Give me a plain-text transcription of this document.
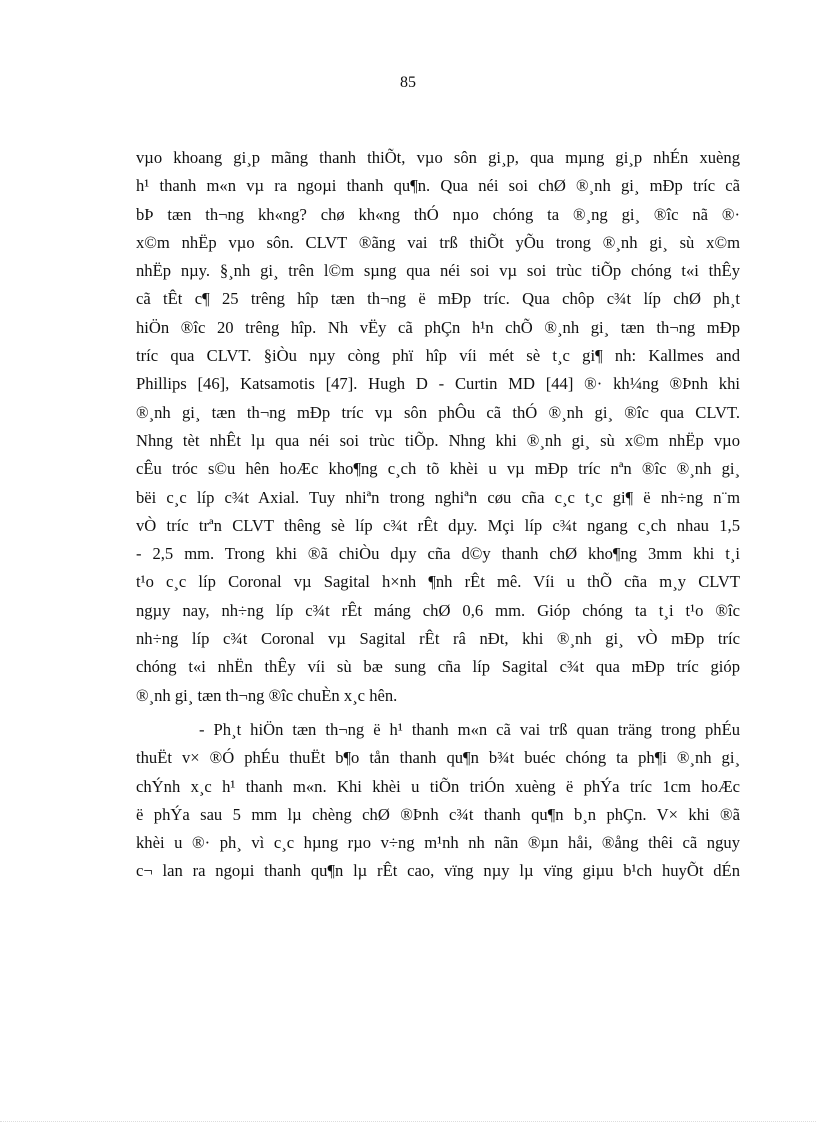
85
vµo khoang gi¸p mãng thanh thiÕt, vµo sôn gi¸p, qua mµng gi¸p nhÉn xuèng
h¹ thanh m«n vµ ra ngoµi thanh qu¶n. Qua néi soi chØ ®¸nh gi¸ mÐp tríc cã
bÞ tæn th¬ng kh«ng? chø kh«ng thÓ nµo chóng ta ®¸ng gi¸ ®îc nã ®·
x©m nhËp vµo sôn. CLVT ®ãng vai trß thiÕt yÕu trong ®¸nh gi¸ sù x©m
nhËp nµy. §¸nh gi¸ trên l©m sµng qua néi soi vµ soi trùc tiÕp chóng t«i thÊy
cã tÊt c¶ 25 trêng hîp tæn th¬ng ë mÐp tríc. Qua chôp c¾t líp chØ ph¸t
hiÖn ®îc 20 trêng hîp. Nh vËy cã phÇn h¹n chÕ ®¸nh gi¸ tæn th¬ng mÐp
tríc qua CLVT. §iÒu nµy còng phï hîp víi mét sè t¸c gi¶ nh: Kallmes and
Phillips [46], Katsamotis [47]. Hugh D - Curtin MD [44] ®· kh¼ng ®Þnh khi
®¸nh gi¸ tæn th¬ng mÐp tríc vµ sôn phÔu cã thÓ ®¸nh gi¸ ®îc qua CLVT.
Nhng tèt nhÊt lµ qua néi soi trùc tiÕp. Nhng khi ®¸nh gi¸ sù x©m nhËp vµo
cÊu tróc s©u hên hoÆc kho¶ng c¸ch tõ khèi u vµ mÐp tríc nªn ®îc ®¸nh gi¸
bëi c¸c líp c¾t Axial. Tuy nhiªn trong nghiªn cøu cña c¸c t¸c gi¶ ë nh÷ng n¨m
vÒ tríc trªn CLVT thêng sè líp c¾t rÊt dµy. Mçi líp c¾t ngang c¸ch nhau 1,5
- 2,5 mm. Trong khi ®ã chiÒu dµy cña d©y thanh chØ kho¶ng 3mm khi t¸i
t¹o c¸c líp Coronal vµ Sagital h×nh ¶nh rÊt mê. Víi u thÕ cña m¸y CLVT
ngµy nay, nh÷ng líp c¾t rÊt máng chØ 0,6 mm. Gióp chóng ta t¸i t¹o ®îc
nh÷ng líp c¾t Coronal vµ Sagital rÊt râ nÐt, khi ®¸nh gi¸ vÒ mÐp tríc
chóng t«i nhËn thÊy víi sù bæ sung cña líp Sagital c¾t qua mÐp tríc gióp
®¸nh gi¸ tæn th¬ng ®îc chuÈn x¸c hên.
- Ph¸t hiÖn tæn th¬ng ë h¹ thanh m«n cã vai trß quan träng trong phÉu
thuËt v× ®Ó phÉu thuËt b¶o tån thanh qu¶n b¾t buéc chóng ta ph¶i ®¸nh gi¸
chÝnh x¸c h¹ thanh m«n. Khi khèi u tiÕn triÓn xuèng ë phÝa tríc 1cm hoÆc
ë phÝa sau 5 mm lµ chèng chØ ®Þnh c¾t thanh qu¶n b¸n phÇn. V× khi ®ã
khèi u ®· ph¸ vì c¸c hµng rµo v÷ng m¹nh nh nãn ®µn håi, ®ång thêi cã nguy
c¬ lan ra ngoµi thanh qu¶n lµ rÊt cao, vïng nµy lµ vïng giµu b¹ch huyÕt dÉn
